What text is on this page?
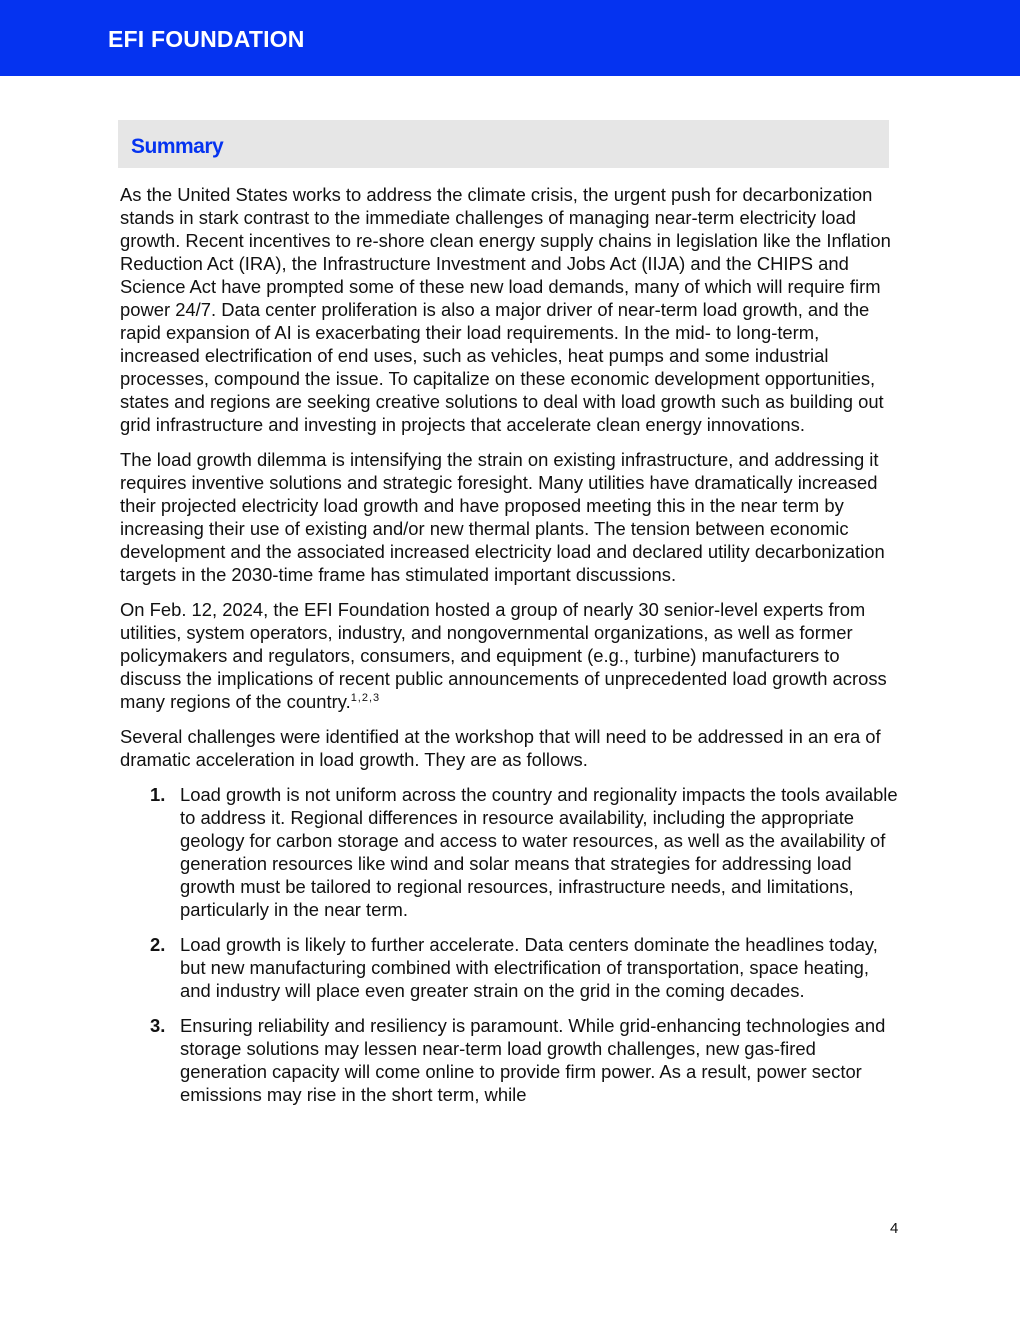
EFI FOUNDATION
Summary

As the United States works to address the climate crisis, the urgent push for decarbonization stands in stark contrast to the immediate challenges of managing near-term electricity load growth. Recent incentives to re-shore clean energy supply chains in legislation like the Inflation Reduction Act (IRA), the Infrastructure Investment and Jobs Act (IIJA) and the CHIPS and Science Act have prompted some of these new load demands, many of which will require firm power 24/7. Data center proliferation is also a major driver of near-term load growth, and the rapid expansion of AI is exacerbating their load requirements. In the mid- to long-term, increased electrification of end uses, such as vehicles, heat pumps and some industrial processes, compound the issue. To capitalize on these economic development opportunities, states and regions are seeking creative solutions to deal with load growth such as building out grid infrastructure and investing in projects that accelerate clean energy innovations.

The load growth dilemma is intensifying the strain on existing infrastructure, and addressing it requires inventive solutions and strategic foresight. Many utilities have dramatically increased their projected electricity load growth and have proposed meeting this in the near term by increasing their use of existing and/or new thermal plants. The tension between economic development and the associated increased electricity load and declared utility decarbonization targets in the 2030-time frame has stimulated important discussions.

On Feb. 12, 2024, the EFI Foundation hosted a group of nearly 30 senior-level experts from utilities, system operators, industry, and nongovernmental organizations, as well as former policymakers and regulators, consumers, and equipment (e.g., turbine) manufacturers to discuss the implications of recent public announcements of unprecedented load growth across many regions of the country.$^{1,2,3}$

Several challenges were identified at the workshop that will need to be addressed in an era of dramatic acceleration in load growth. They are as follows.

1. Load growth is not uniform across the country and regionality impacts the tools available to address it. Regional differences in resource availability, including the appropriate geology for carbon storage and access to water resources, as well as the availability of generation resources like wind and solar means that strategies for addressing load growth must be tailored to regional resources, infrastructure needs, and limitations, particularly in the near term.
2. Load growth is likely to further accelerate. Data centers dominate the headlines today, but new manufacturing combined with electrification of transportation, space heating, and industry will place even greater strain on the grid in the coming decades.
3. Ensuring reliability and resiliency is paramount. While grid-enhancing technologies and storage solutions may lessen near-term load growth challenges, new gas-fired generation capacity will come online to provide firm power. As a result, power sector emissions may rise in the short term, while
4
